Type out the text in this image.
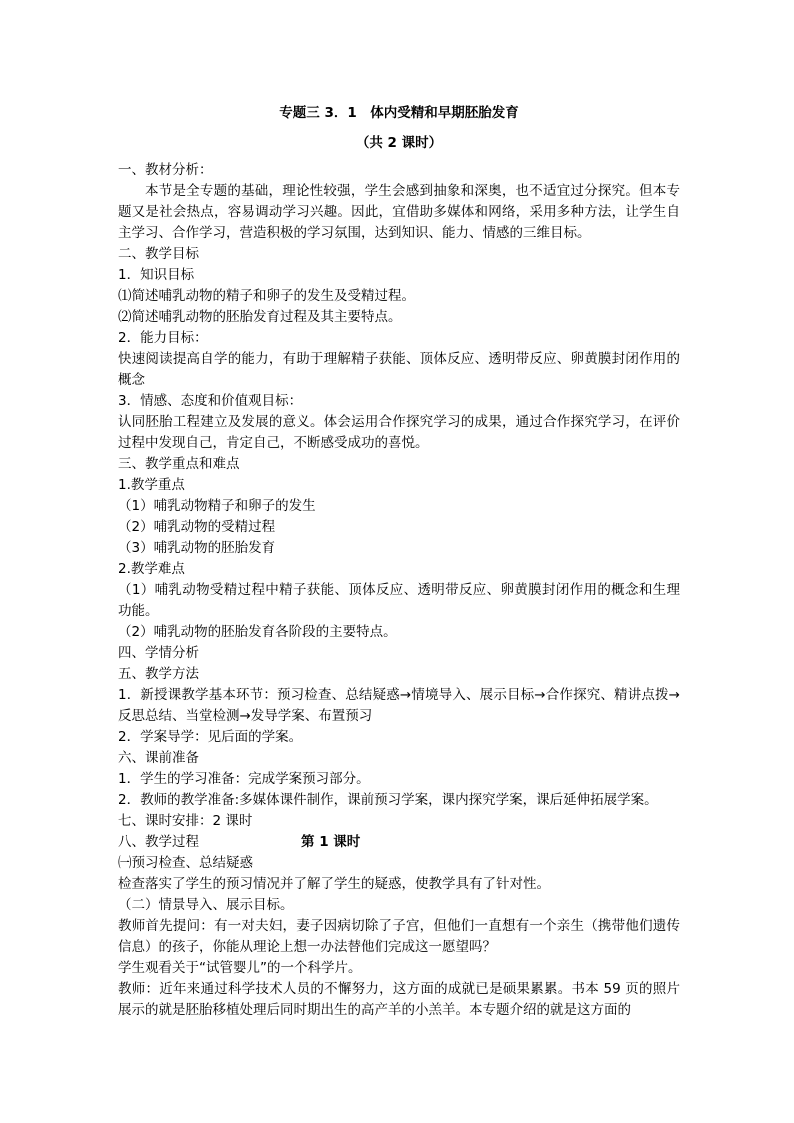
专题三 3．1　体内受精和早期胚胎发育

（共 2 课时）

一、教材分析：

本节是全专题的基础，理论性较强，学生会感到抽象和深奥，也不适宜过分探究。但本专题又是社会热点，容易调动学习兴趣。因此，宜借助多媒体和网络，采用多种方法，让学生自主学习、合作学习，营造积极的学习氛围，达到知识、能力、情感的三维目标。

二、教学目标

1．知识目标

⑴简述哺乳动物的精子和卵子的发生及受精过程。

⑵简述哺乳动物的胚胎发育过程及其主要特点。

2．能力目标：

快速阅读提高自学的能力，有助于理解精子获能、顶体反应、透明带反应、卵黄膜封闭作用的概念

3．情感、态度和价值观目标：

认同胚胎工程建立及发展的意义。体会运用合作探究学习的成果，通过合作探究学习，在评价过程中发现自己，肯定自己，不断感受成功的喜悦。

三、教学重点和难点

1.教学重点

（1）哺乳动物精子和卵子的发生

（2）哺乳动物的受精过程

（3）哺乳动物的胚胎发育

2.教学难点

（1）哺乳动物受精过程中精子获能、顶体反应、透明带反应、卵黄膜封闭作用的概念和生理功能。

（2）哺乳动物的胚胎发育各阶段的主要特点。

四、学情分析

五、教学方法

1．新授课教学基本环节：预习检查、总结疑惑→情境导入、展示目标→合作探究、精讲点拨→反思总结、当堂检测→发导学案、布置预习

2．学案导学：见后面的学案。

六、课前准备

1．学生的学习准备：完成学案预习部分。

2．教师的教学准备:多媒体课件制作，课前预习学案，课内探究学案，课后延伸拓展学案。

七、课时安排：2 课时

八、教学过程	第 1 课时

㈠预习检查、总结疑惑

检查落实了学生的预习情况并了解了学生的疑惑，使教学具有了针对性。

（二）情景导入、展示目标。

教师首先提问：有一对夫妇，妻子因病切除了子宫，但他们一直想有一个亲生（携带他们遗传信息）的孩子，你能从理论上想一办法替他们完成这一愿望吗？

学生观看关于“试管婴儿”的一个科学片。

教师：近年来通过科学技术人员的不懈努力，这方面的成就已是硕果累累。书本 59 页的照片展示的就是胚胎移植处理后同时期出生的高产羊的小羔羊。本专题介绍的就是这方面的
